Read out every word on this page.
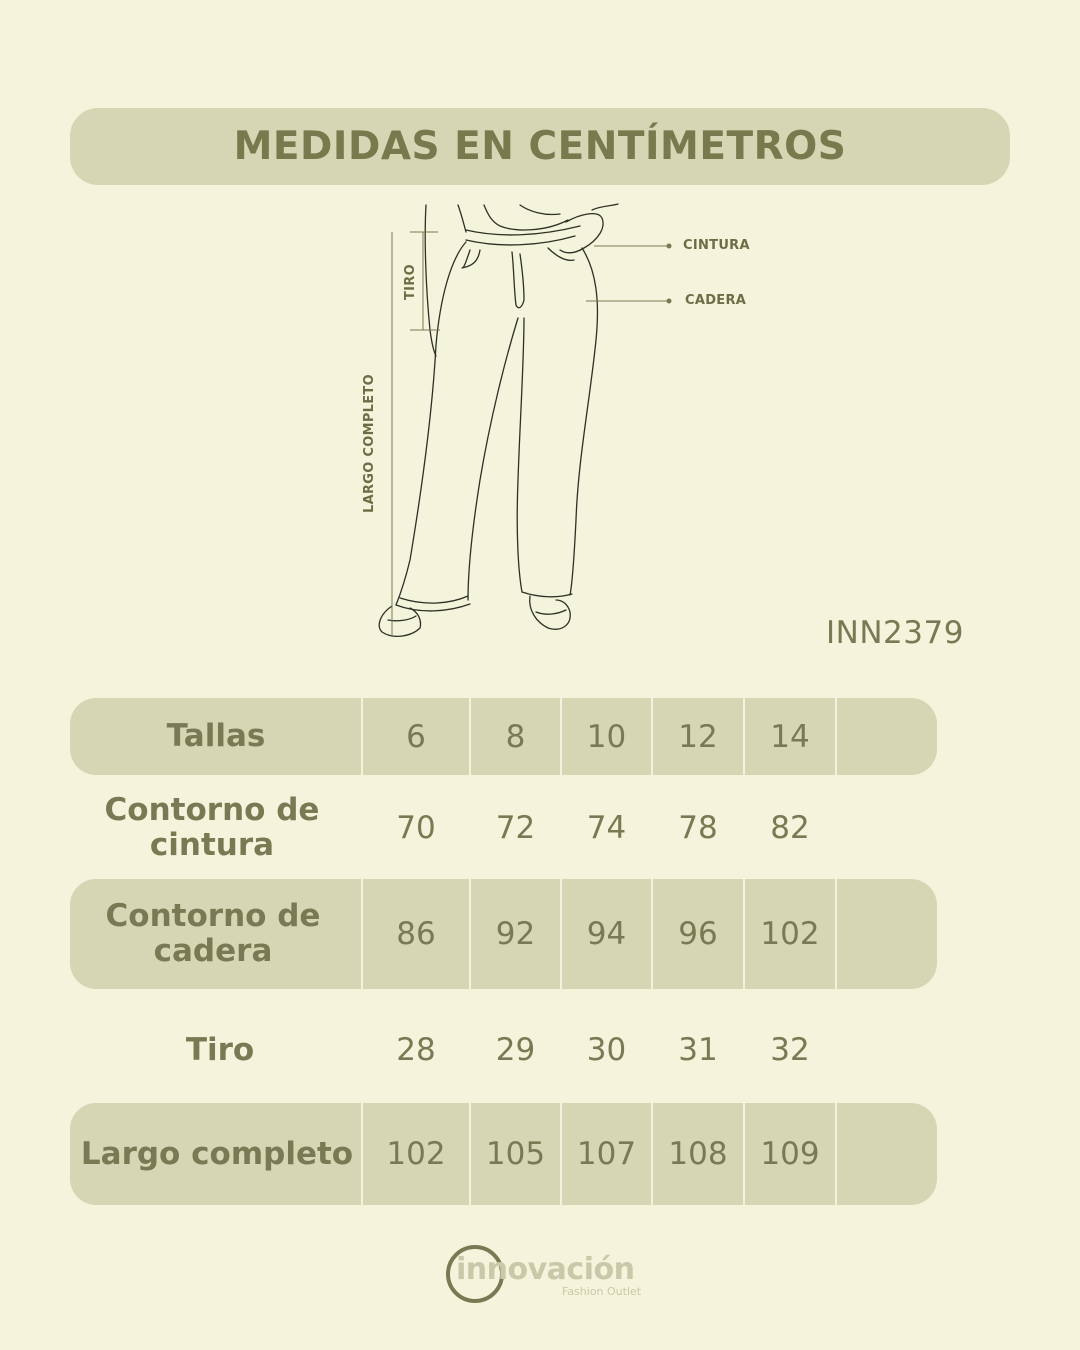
MEDIDAS EN CENTÍMETROS
CINTURA
CADERA
TIRO
LARGO COMPLETO
INN2379
Tallas	6	8	10	12	14
Contorno de cintura	70	72	74	78	82
Contorno de cadera	86	92	94	96	102
Tiro	28	29	30	31	32
Largo completo	102	105	107	108	109
innovación
Fashion Outlet
